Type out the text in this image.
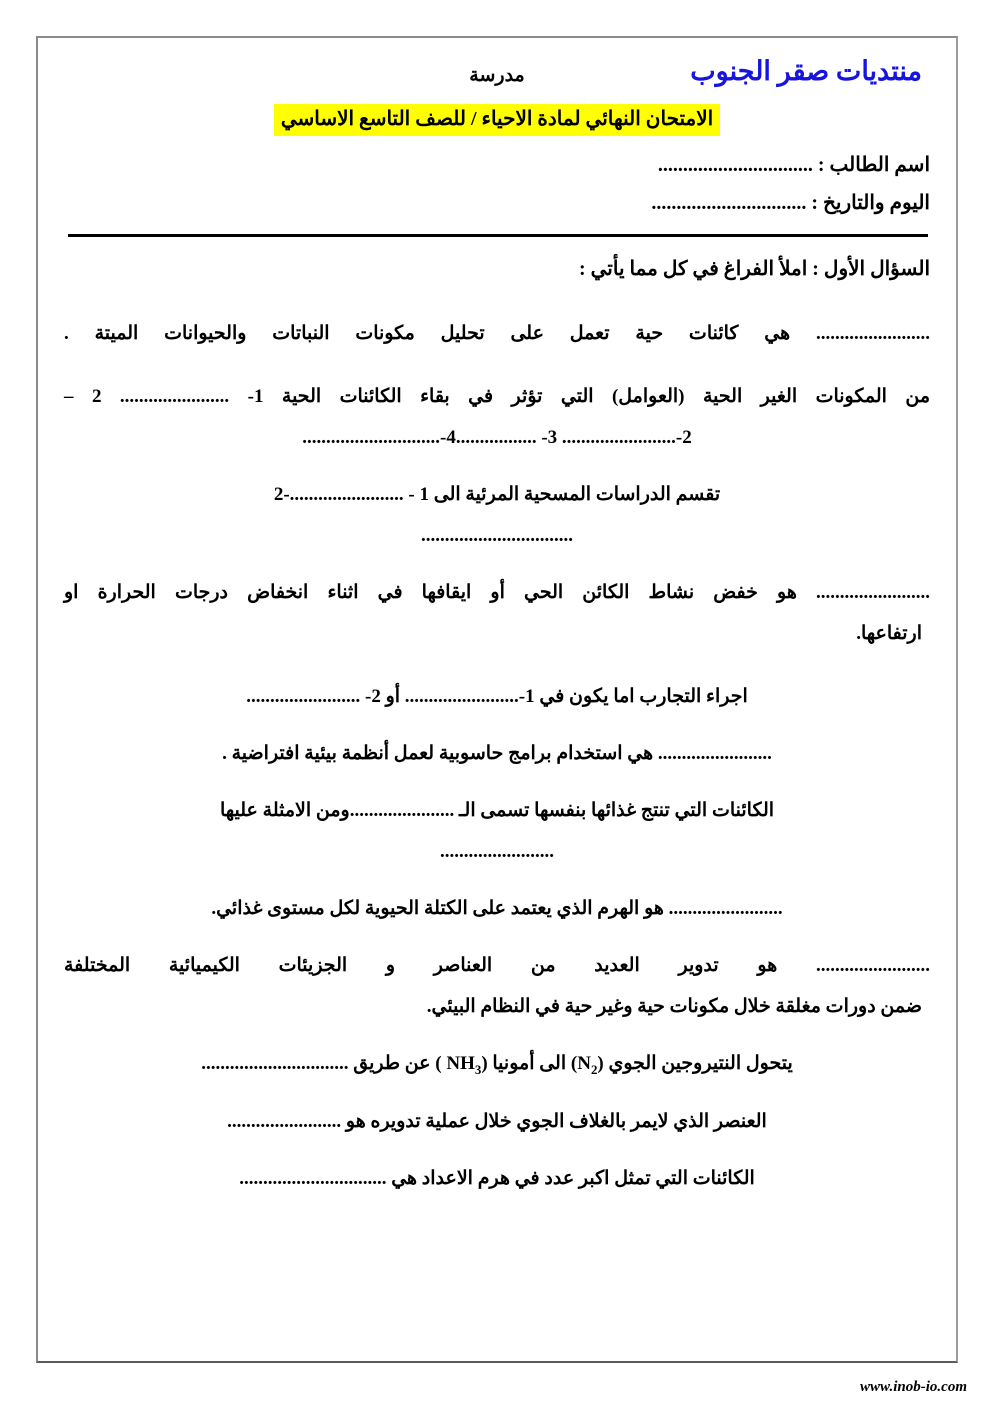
منتديات صقر الجنوب
مدرسة
الامتحان النهائي لمادة الاحياء / للصف التاسع الاساسي
اسم الطالب : ...............................
اليوم والتاريخ : ...............................
السؤال الأول : املأ الفراغ في كل مما يأتي :
........................ هي كائنات حية تعمل على تحليل مكونات النباتات والحيوانات الميتة .
من المكونات الغير الحية (العوامل) التي تؤثر في بقاء الكائنات الحية 1- ....................... 2 –
2-........................ 3- .................4-.............................
تقسم الدراسات المسحية المرئية الى 1 - ........................-2
................................
........................ هو خفض نشاط الكائن الحي أو ايقافها في اثناء انخفاض درجات الحرارة او
ارتفاعها.
اجراء التجارب اما يكون في 1-........................ أو 2- ........................
........................ هي استخدام برامج حاسوبية لعمل أنظمة بيئية افتراضية .
الكائنات التي تنتج غذائها بنفسها تسمى الـ ......................ومن الامثلة عليها
........................
........................ هو الهرم الذي يعتمد على الكتلة الحيوية لكل مستوى غذائي.
........................ هو تدوير العديد من العناصر و الجزيئات الكيميائية المختلفة
ضمن دورات مغلقة خلال مكونات حية وغير حية في النظام البيئي.
يتحول النتيروجين الجوي $(N_2)$ الى أمونيا ($NH_3$ ) عن طريق ...............................
العنصر الذي لايمر بالغلاف الجوي خلال عملية تدويره هو ........................
الكائنات التي تمثل اكبر عدد في هرم الاعداد هي ...............................
www.inob-io.com
